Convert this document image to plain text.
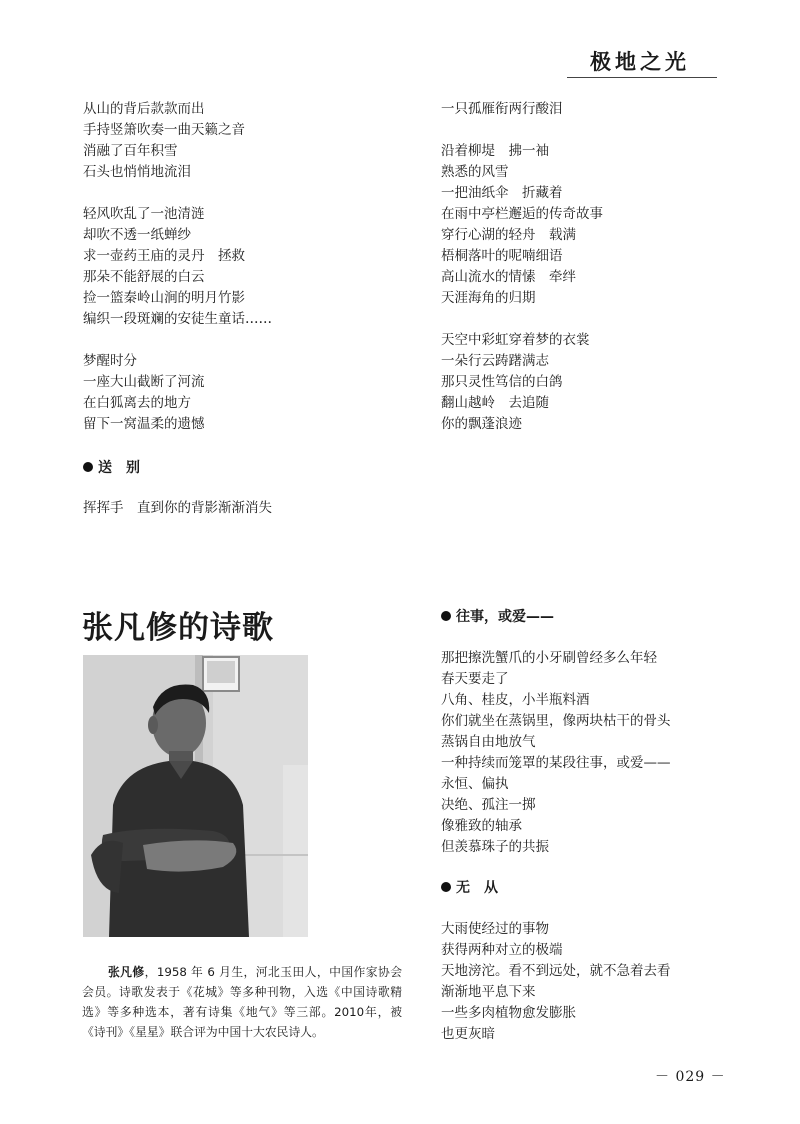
极地之光
从山的背后款款而出
手持竖箫吹奏一曲天籁之音
消融了百年积雪
石头也悄悄地流泪
轻风吹乱了一池清涟
却吹不透一纸蝉纱
求一壶药王庙的灵丹　拯救
那朵不能舒展的白云
捡一篮秦岭山涧的明月竹影
编织一段斑斓的安徒生童话……
梦醒时分
一座大山截断了河流
在白狐离去的地方
留下一窝温柔的遗憾
送　别
挥挥手　直到你的背影渐渐消失
一只孤雁衔两行酸泪
沿着柳堤　拂一袖
熟悉的风雪
一把油纸伞　折藏着
在雨中亭栏邂逅的传奇故事
穿行心湖的轻舟　载满
梧桐落叶的呢喃细语
高山流水的情愫　牵绊
天涯海角的归期
天空中彩虹穿着梦的衣裳
一朵行云踌躇满志
那只灵性笃信的白鸽
翻山越岭　去追随
你的飘蓬浪迹
张凡修的诗歌
张凡修，1958 年 6 月生，河北玉田人，中国作家协会会员。诗歌发表于《花城》等多种刊物，入选《中国诗歌精选》等多种选本，著有诗集《地气》等三部。2010年，被《诗刊》《星星》联合评为中国十大农民诗人。
往事，或爱——
那把擦洗蟹爪的小牙刷曾经多么年轻
春天要走了
八角、桂皮，小半瓶料酒
你们就坐在蒸锅里，像两块枯干的骨头
蒸锅自由地放气
一种持续而笼罩的某段往事，或爱——
永恒、偏执
决绝、孤注一掷
像雅致的轴承
但羡慕珠子的共振
无　从
大雨使经过的事物
获得两种对立的极端
天地滂沱。看不到远处，就不急着去看
渐渐地平息下来
一些多肉植物愈发膨胀
也更灰暗
－ 029 －
